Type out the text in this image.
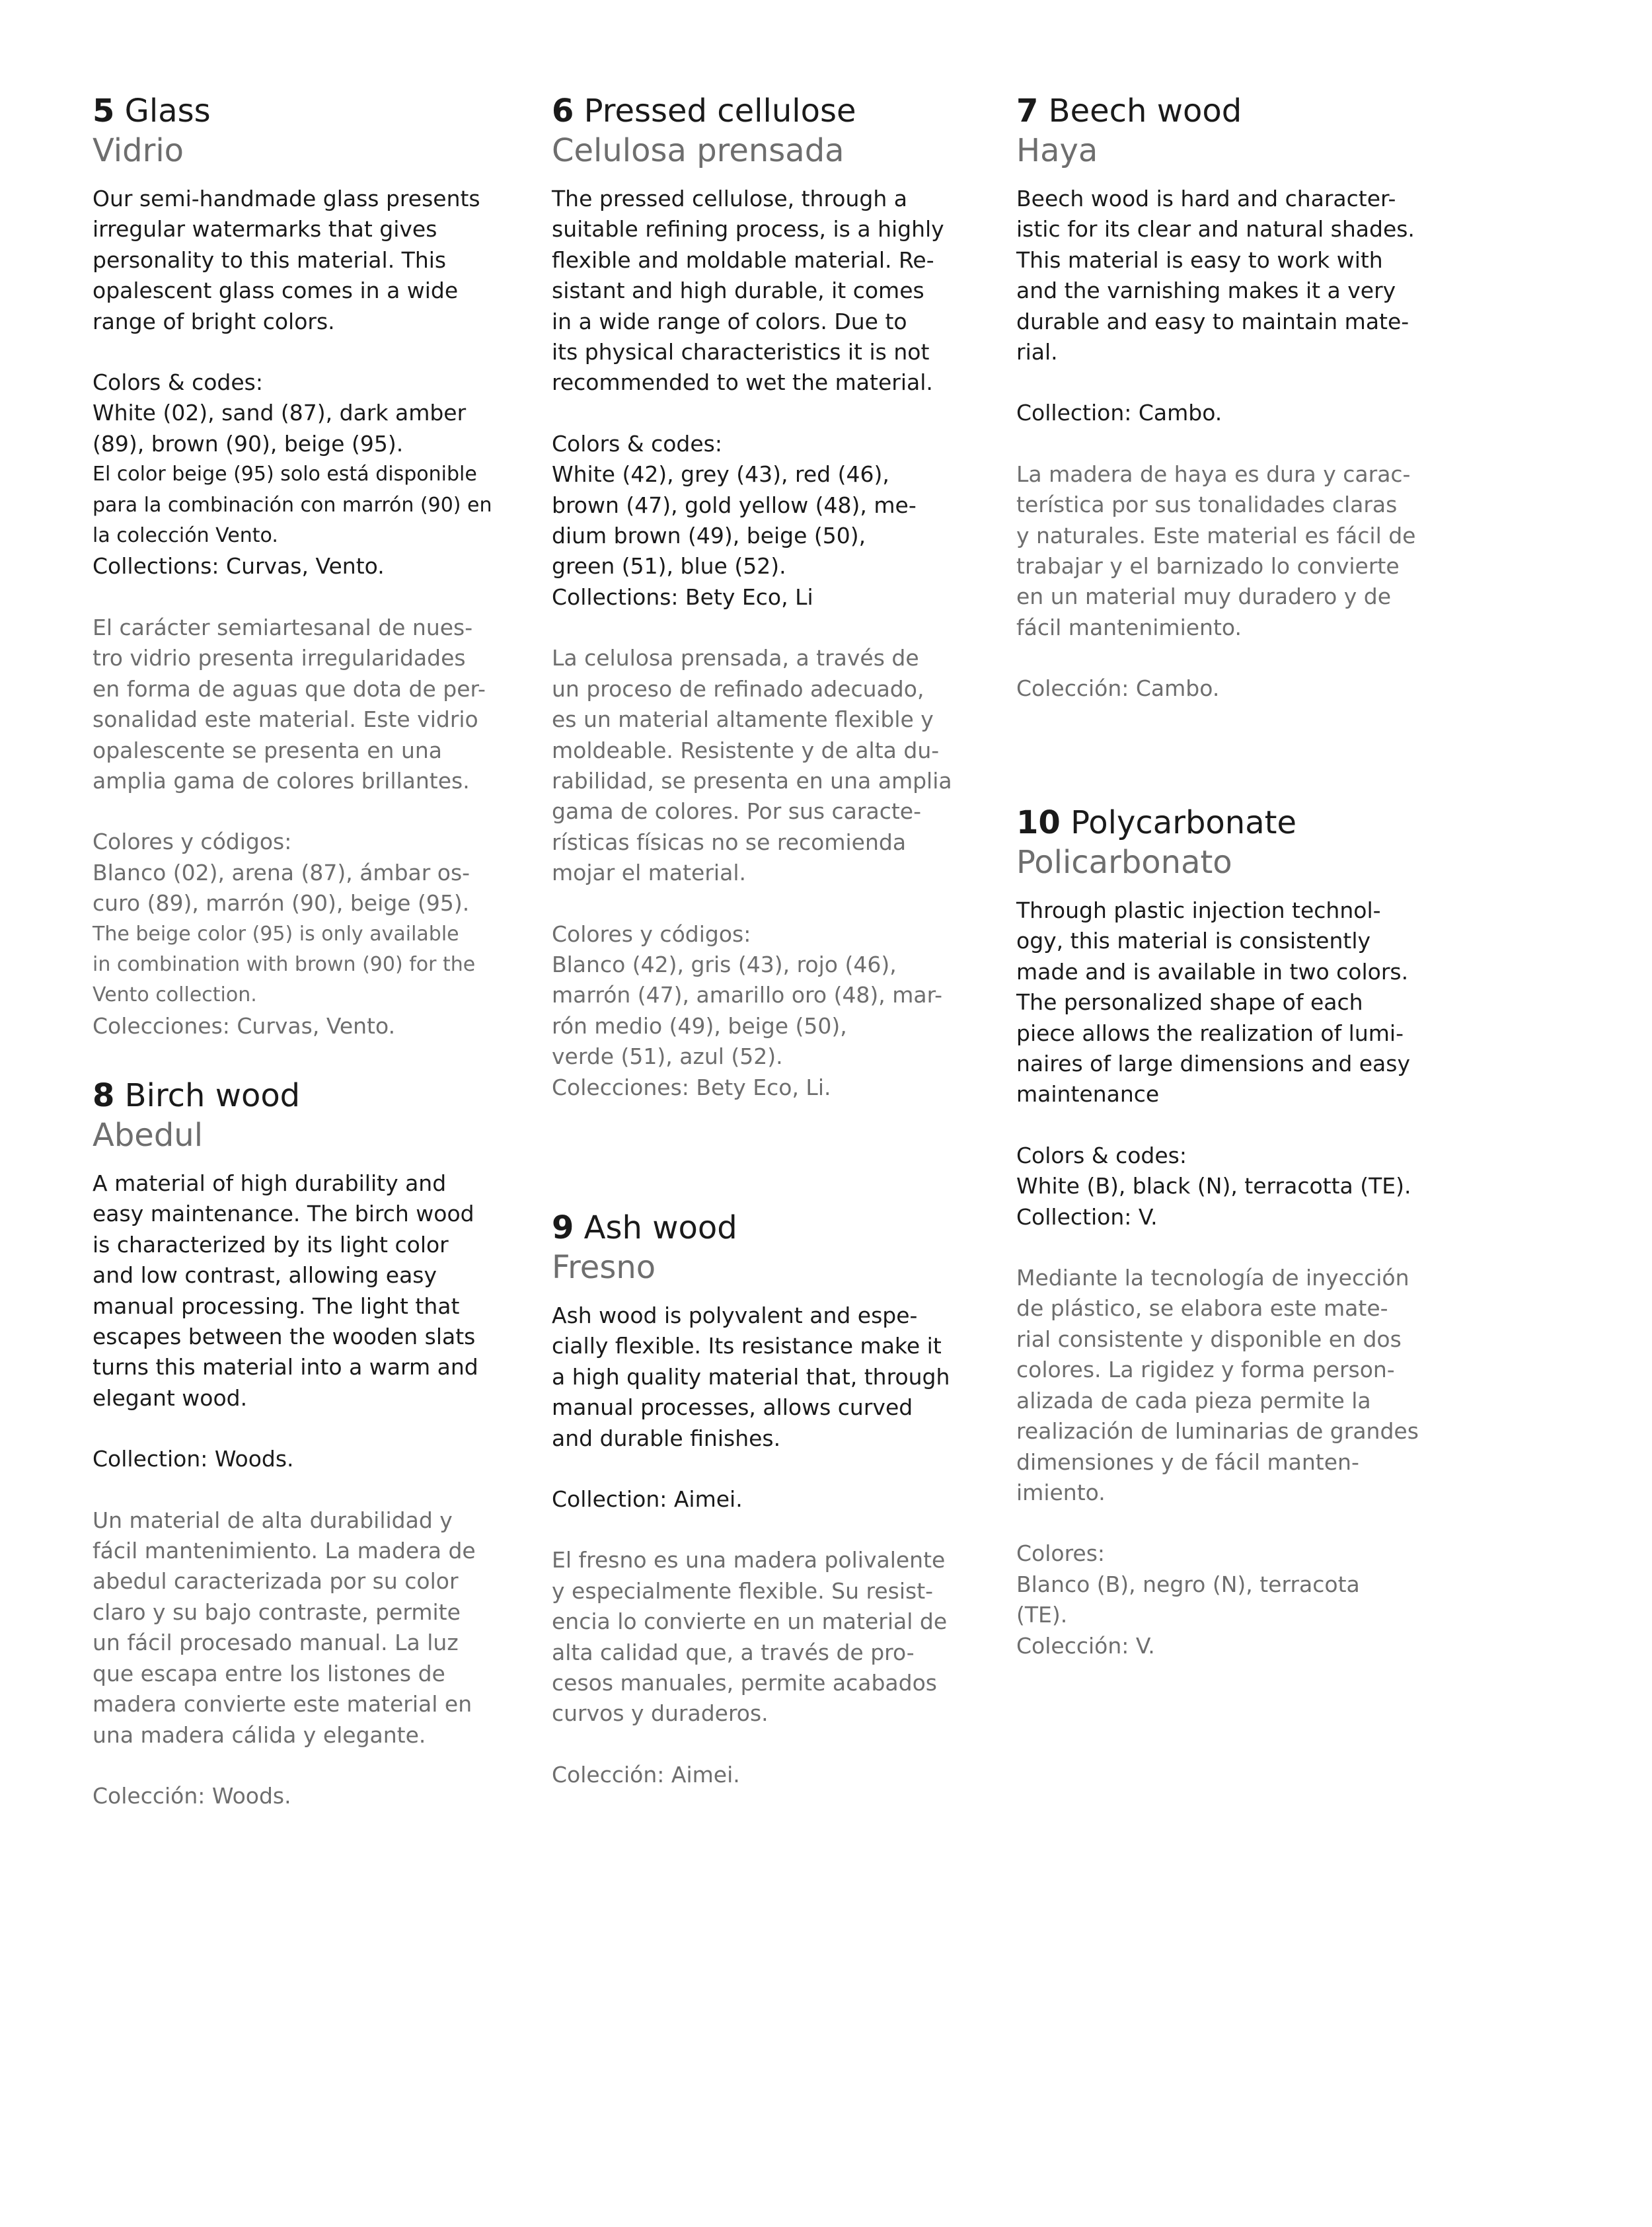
5 Glass
Vidrio
Our semi-handmade glass presents
irregular watermarks that gives
personality to this material. This
opalescent glass comes in a wide
range of bright colors.
Colors & codes:
White (02), sand (87), dark amber
(89), brown (90), beige (95).
El color beige (95) solo está disponible
para la combinación con marrón (90) en
la colección Vento.
Collections: Curvas, Vento.
El carácter semiartesanal de nues-
tro vidrio presenta irregularidades
en forma de aguas que dota de per-
sonalidad este material. Este vidrio
opalescente se presenta en una
amplia gama de colores brillantes.
Colores y códigos:
Blanco (02), arena (87), ámbar os-
curo (89), marrón (90), beige (95).
The beige color (95) is only available
in combination with brown (90) for the
Vento collection.
Colecciones: Curvas, Vento.
6 Pressed cellulose
Celulosa prensada
The pressed cellulose, through a
suitable refining process, is a highly
flexible and moldable material. Re-
sistant and high durable, it comes
in a wide range of colors. Due to
its physical characteristics it is not
recommended to wet the material.
Colors & codes:
White (42), grey (43), red (46),
brown (47), gold yellow (48), me-
dium brown (49), beige (50),
green (51), blue (52).
Collections: Bety Eco, Li
La celulosa prensada, a través de
un proceso de refinado adecuado,
es un material altamente flexible y
moldeable. Resistente y de alta du-
rabilidad, se presenta en una amplia
gama de colores. Por sus caracte-
rísticas físicas no se recomienda
mojar el material.
Colores y códigos:
Blanco (42), gris (43), rojo (46),
marrón (47), amarillo oro (48), mar-
rón medio (49), beige (50),
verde (51), azul (52).
Colecciones: Bety Eco, Li.
7 Beech wood
Haya
Beech wood is hard and character-
istic for its clear and natural shades.
This material is easy to work with
and the varnishing makes it a very
durable and easy to maintain mate-
rial.
Collection: Cambo.
La madera de haya es dura y carac-
terística por sus tonalidades claras
y naturales. Este material es fácil de
trabajar y el barnizado lo convierte
en un material muy duradero y de
fácil mantenimiento.
Colección: Cambo.
8 Birch wood
Abedul
A material of high durability and
easy maintenance. The birch wood
is characterized by its light color
and low contrast, allowing easy
manual processing. The light that
escapes between the wooden slats
turns this material into a warm and
elegant wood.
Collection: Woods.
Un material de alta durabilidad y
fácil mantenimiento. La madera de
abedul caracterizada por su color
claro y su bajo contraste, permite
un fácil procesado manual. La luz
que escapa entre los listones de
madera convierte este material en
una madera cálida y elegante.
Colección: Woods.
9 Ash wood
Fresno
Ash wood is polyvalent and espe-
cially flexible. Its resistance make it
a high quality material that, through
manual processes, allows curved
and durable finishes.
Collection: Aimei.
El fresno es una madera polivalente
y especialmente flexible. Su resist-
encia lo convierte en un material de
alta calidad que, a través de pro-
cesos manuales, permite acabados
curvos y duraderos.
Colección: Aimei.
10 Polycarbonate
Policarbonato
Through plastic injection technol-
ogy, this material is consistently
made and is available in two colors.
The personalized shape of each
piece allows the realization of lumi-
naires of large dimensions and easy
maintenance
Colors & codes:
White (B), black (N), terracotta (TE).
Collection: V.
Mediante la tecnología de inyección
de plástico, se elabora este mate-
rial consistente y disponible en dos
colores. La rigidez y forma person-
alizada de cada pieza permite la
realización de luminarias de grandes
dimensiones y de fácil manten-
imiento.
Colores:
Blanco (B), negro (N), terracota
(TE).
Colección: V.
